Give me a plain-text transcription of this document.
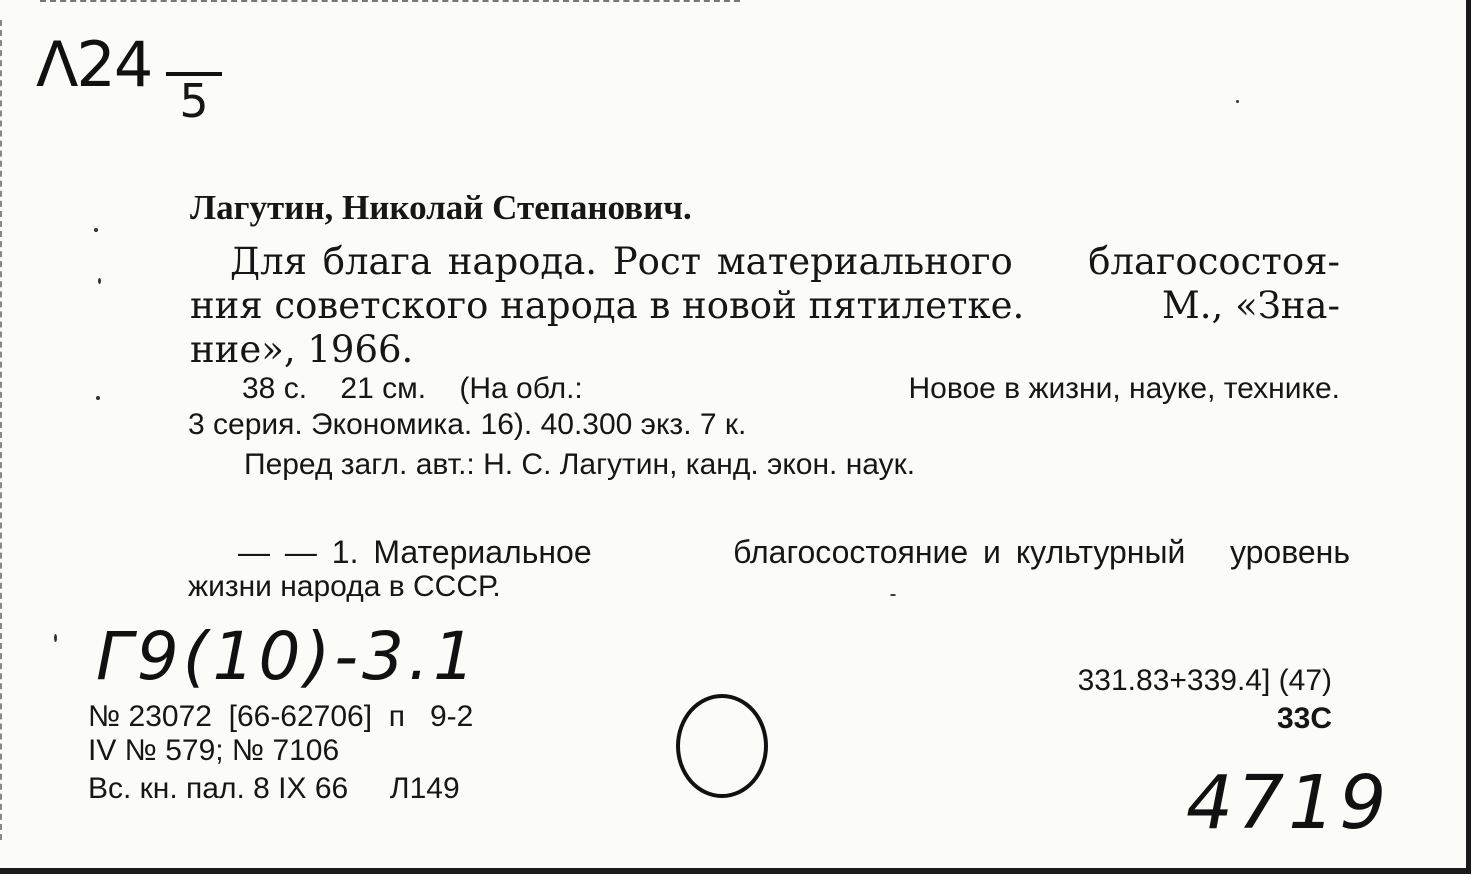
Λ24 5
Лагутин, Николай Степанович.
Для блага народа. Рост материального благосостоя-
ния советского народа в новой пятилетке.	М., «Зна-
ние», 1966.
38 с.    21 см.    (На обл.:	Новое в жизни, науке, технике.
3 серия. Экономика. 16). 40.300 экз. 7 к.
Перед загл. авт.: Н. С. Лагутин, канд. экон. наук.
— — 1. Материальное	благосостояние и культурный   уровень
жизни народа в СССР.
Г9(10)-3.1
№ 23072  [66-62706]  п   9-2
IV № 579; № 7106
Вс. кн. пал. 8 IX 66     Л149
331.83+339.4] (47)
33С
4719
